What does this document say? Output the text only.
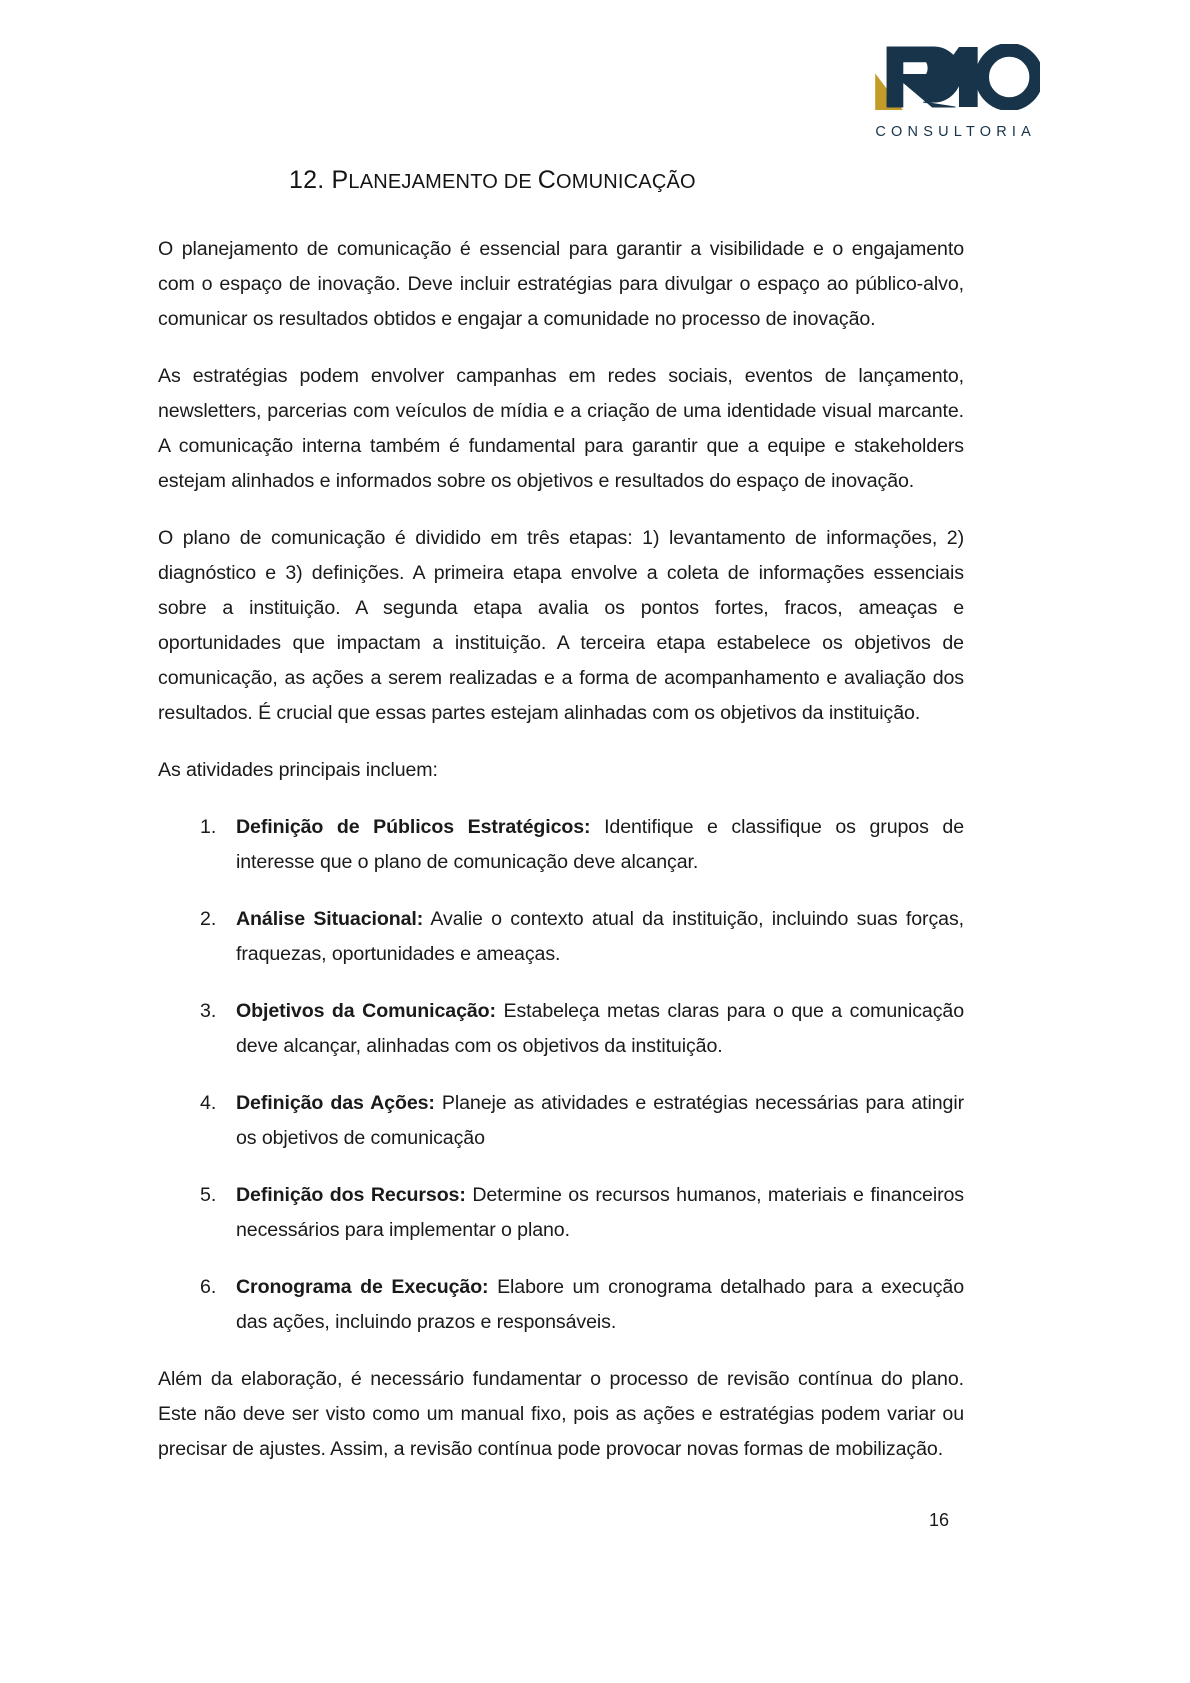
CONSULTORIA
12. PLANEJAMENTO DE COMUNICAÇÃO

O planejamento de comunicação é essencial para garantir a visibilidade e o engajamento com o espaço de inovação. Deve incluir estratégias para divulgar o espaço ao público-alvo, comunicar os resultados obtidos e engajar a comunidade no processo de inovação.

As estratégias podem envolver campanhas em redes sociais, eventos de lançamento, newsletters, parcerias com veículos de mídia e a criação de uma identidade visual marcante. A comunicação interna também é fundamental para garantir que a equipe e stakeholders estejam alinhados e informados sobre os objetivos e resultados do espaço de inovação.

O plano de comunicação é dividido em três etapas: 1) levantamento de informações, 2) diagnóstico e 3) definições. A primeira etapa envolve a coleta de informações essenciais sobre a instituição. A segunda etapa avalia os pontos fortes, fracos, ameaças e oportunidades que impactam a instituição. A terceira etapa estabelece os objetivos de comunicação, as ações a serem realizadas e a forma de acompanhamento e avaliação dos resultados. É crucial que essas partes estejam alinhadas com os objetivos da instituição.

As atividades principais incluem:

Definição de Públicos Estratégicos: Identifique e classifique os grupos de interesse que o plano de comunicação deve alcançar.
Análise Situacional: Avalie o contexto atual da instituição, incluindo suas forças, fraquezas, oportunidades e ameaças.
Objetivos da Comunicação: Estabeleça metas claras para o que a comunicação deve alcançar, alinhadas com os objetivos da instituição.
Definição das Ações: Planeje as atividades e estratégias necessárias para atingir os objetivos de comunicação
Definição dos Recursos: Determine os recursos humanos, materiais e financeiros necessários para implementar o plano.
Cronograma de Execução: Elabore um cronograma detalhado para a execução das ações, incluindo prazos e responsáveis.

Além da elaboração, é necessário fundamentar o processo de revisão contínua do plano. Este não deve ser visto como um manual fixo, pois as ações e estratégias podem variar ou precisar de ajustes. Assim, a revisão contínua pode provocar novas formas de mobilização.

16
